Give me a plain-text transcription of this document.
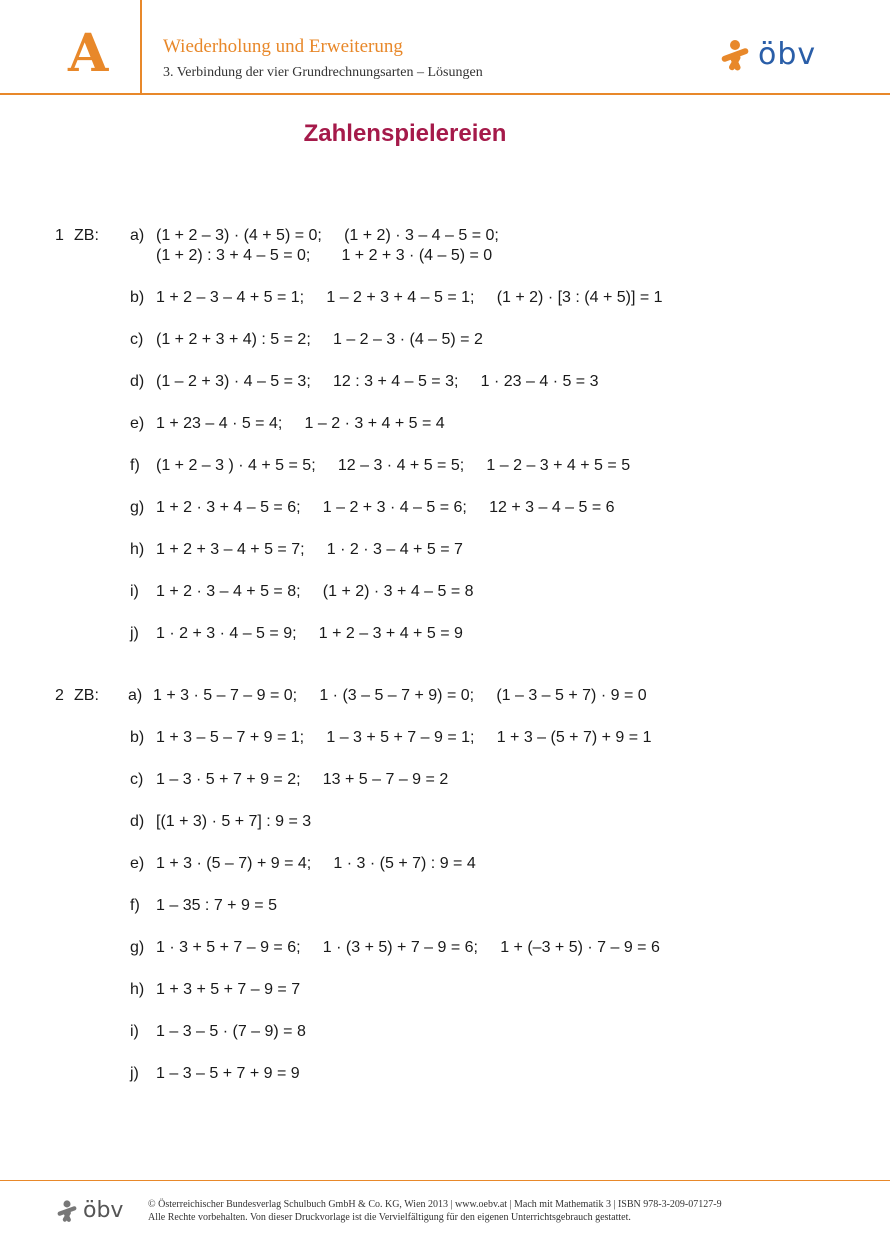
A	Wiederholung und Erweiterung
3. Verbindung der vier Grundrechnungsarten – Lösungen
öbv
Zahlenspielereien
1 ZB: a) (1 + 2 – 3) · (4 + 5) = 0;     (1 + 2) · 3 – 4 – 5 = 0;
(1 + 2) : 3 + 4 – 5 = 0;       1 + 2 + 3 · (4 – 5) = 0
b) 1 + 2 – 3 – 4 + 5 = 1;     1 – 2 + 3 + 4 – 5 = 1;     (1 + 2) · [3 : (4 + 5)] = 1
c) (1 + 2 + 3 + 4) : 5 = 2;     1 – 2 – 3 · (4 – 5) = 2
d) (1 – 2 + 3) · 4 – 5 = 3;     12 : 3 + 4 – 5 = 3;     1 · 23 – 4 · 5 = 3
e) 1 + 23 – 4 · 5 = 4;     1 – 2 · 3 + 4 + 5 = 4
f) (1 + 2 – 3 ) · 4 + 5 = 5;     12 – 3 · 4 + 5 = 5;     1 – 2 – 3 + 4 + 5 = 5
g) 1 + 2 · 3 + 4 – 5 = 6;     1 – 2 + 3 · 4 – 5 = 6;     12 + 3 – 4 – 5 = 6
h) 1 + 2 + 3 – 4 + 5 = 7;     1 · 2 · 3 – 4 + 5 = 7
i) 1 + 2 · 3 – 4 + 5 = 8;     (1 + 2) · 3 + 4 – 5 = 8
j) 1 · 2 + 3 · 4 – 5 = 9;     1 + 2 – 3 + 4 + 5 = 9
2 ZB: a) 1 + 3 · 5 – 7 – 9 = 0;     1 · (3 – 5 – 7 + 9) = 0;     (1 – 3 – 5 + 7) · 9 = 0
b) 1 + 3 – 5 – 7 + 9 = 1;     1 – 3 + 5 + 7 – 9 = 1;     1 + 3 – (5 + 7) + 9 = 1
c) 1 – 3 · 5 + 7 + 9 = 2;     13 + 5 – 7 – 9 = 2
d) [(1 + 3) · 5 + 7] : 9 = 3
e) 1 + 3 · (5 – 7) + 9 = 4;     1 · 3 · (5 + 7) : 9 = 4
f) 1 – 35 : 7 + 9 = 5
g) 1 · 3 + 5 + 7 – 9 = 6;     1 · (3 + 5) + 7 – 9 = 6;     1 + (–3 + 5) · 7 – 9 = 6
h) 1 + 3 + 5 + 7 – 9 = 7
i) 1 – 3 – 5 · (7 – 9) = 8
j) 1 – 3 – 5 + 7 + 9 = 9
öbv © Österreichischer Bundesverlag Schulbuch GmbH & Co. KG, Wien 2013 | www.oebv.at | Mach mit Mathematik 3 | ISBN 978-3-209-07127-9
Alle Rechte vorbehalten. Von dieser Druckvorlage ist die Vervielfältigung für den eigenen Unterrichtsgebrauch gestattet.
